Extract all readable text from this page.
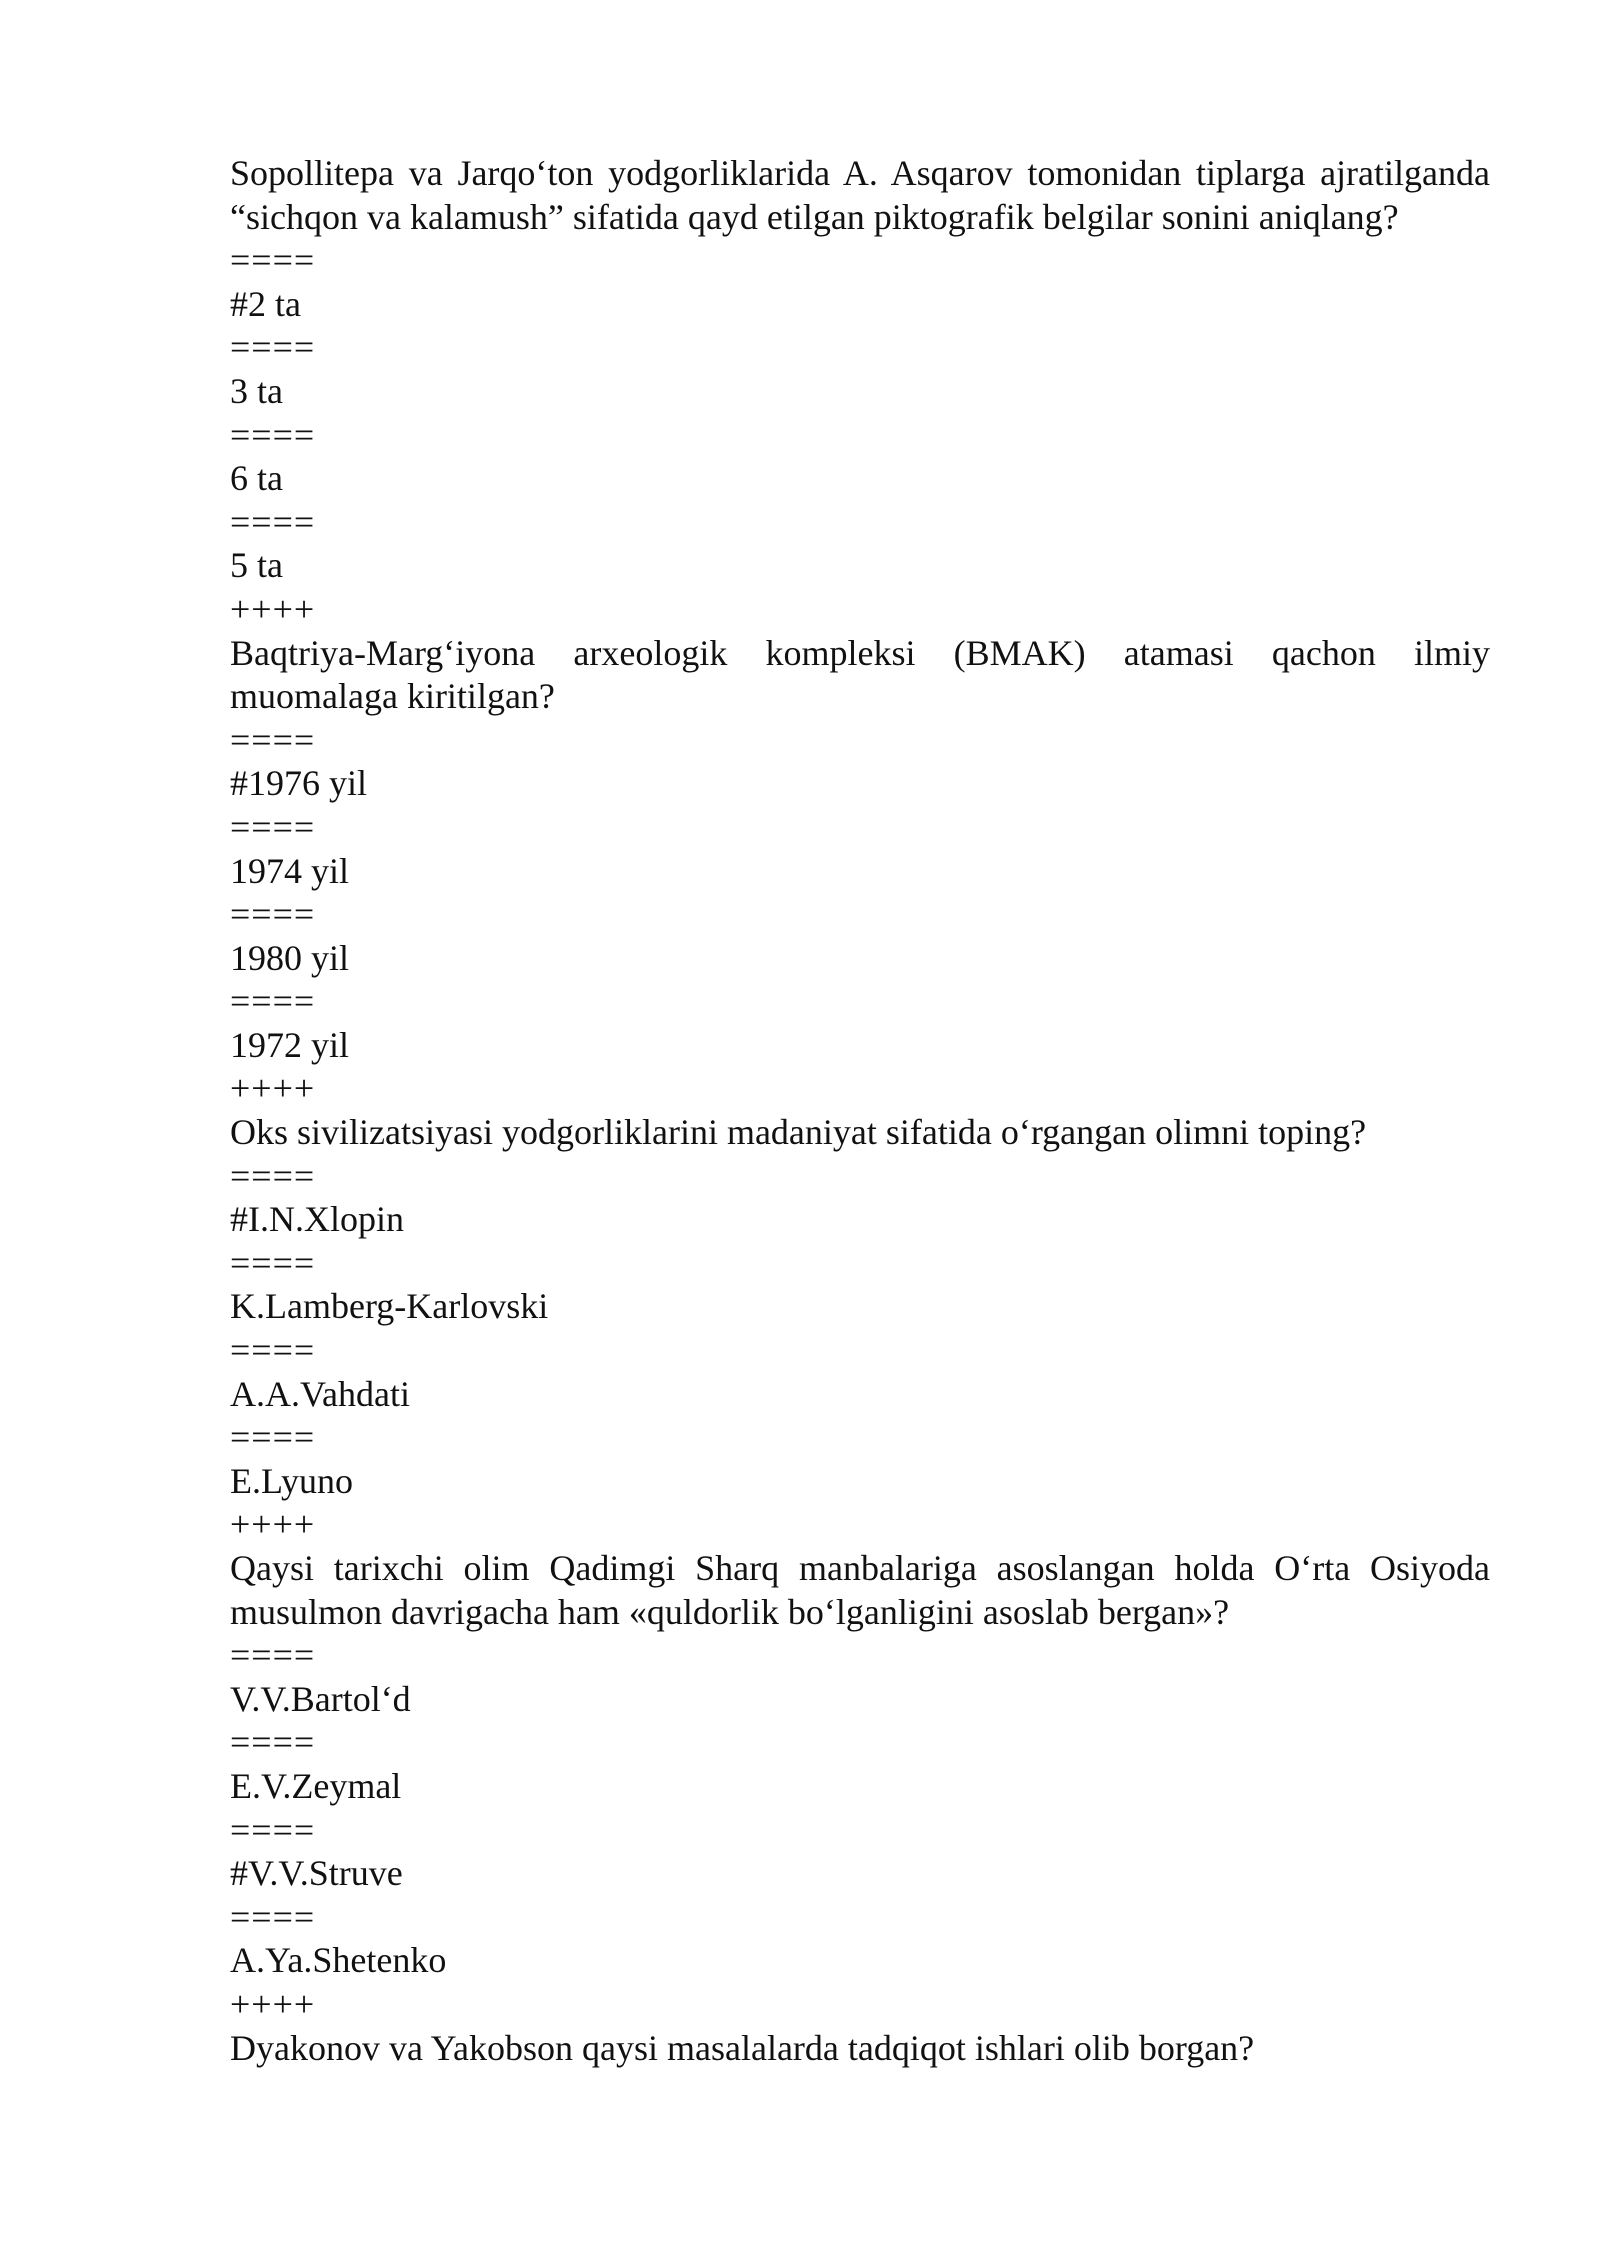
Sopollitepa va Jarqo‘ton yodgorliklarida A. Asqarov tomonidan tiplarga ajratilganda “sichqon va kalamush” sifatida qayd etilgan piktografik belgilar sonini aniqlang?

====
#2 ta
====
3 ta
====
6 ta
====
5 ta
++++

Baqtriya-Marg‘iyona arxeologik kompleksi (BMAK) atamasi qachon ilmiy muomalaga kiritilgan?

====
#1976 yil
====
1974 yil
====
1980 yil
====
1972 yil
++++

Oks sivilizatsiyasi yodgorliklarini madaniyat sifatida o‘rgangan olimni toping?

====
#I.N.Xlopin
====
K.Lamberg-Karlovski
====
A.A.Vahdati
====
E.Lyuno
++++

Qaysi tarixchi olim Qadimgi Sharq manbalariga asoslangan holda O‘rta Osiyoda musulmon davrigacha ham «quldorlik bo‘lganligini asoslab bergan»?

====
V.V.Bartol‘d
====
E.V.Zeymal
====
#V.V.Struve
====
A.Ya.Shetenko
++++

Dyakonov va Yakobson qaysi masalalarda tadqiqot ishlari olib borgan?
